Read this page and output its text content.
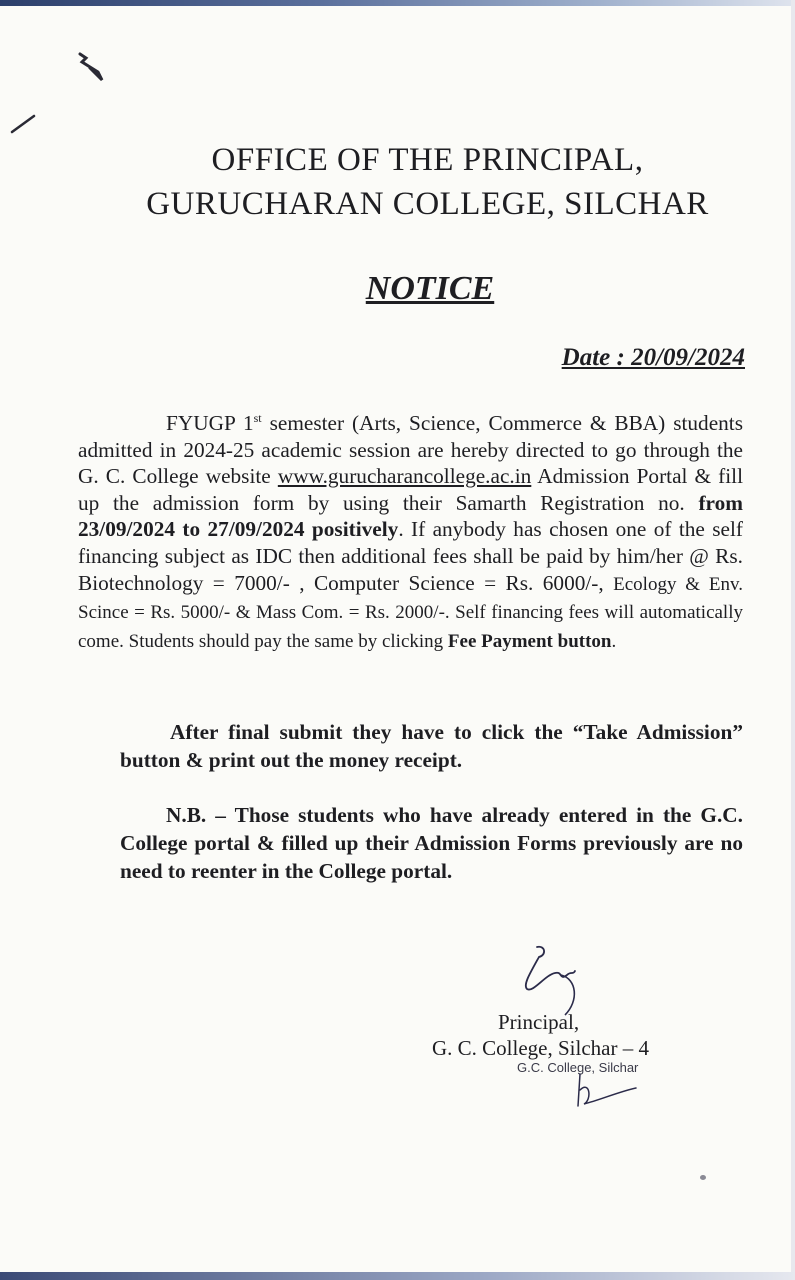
OFFICE OF THE PRINCIPAL,
GURUCHARAN COLLEGE, SILCHAR
NOTICE
Date : 20/09/2024

FYUGP 1st semester (Arts, Science, Commerce & BBA) students admitted in 2024-25 academic session are hereby directed to go through the G. C. College website www.gurucharancollege.ac.in Admission Portal & fill up the admission form by using their Samarth Registration no. from 23/09/2024 to 27/09/2024 positively. If anybody has chosen one of the self financing subject as IDC then additional fees shall be paid by him/her @ Rs. Biotechnology = 7000/- , Computer Science = Rs. 6000/-, Ecology & Env. Scince = Rs. 5000/- & Mass Com. = Rs. 2000/-. Self financing fees will automatically come. Students should pay the same by clicking Fee Payment button.

After final submit they have to click the “Take Admission” button & print out the money receipt.

N.B. – Those students who have already entered in the G.C. College portal & filled up their Admission Forms previously are no need to reenter in the College portal.

Principal,
G. C. College, Silchar – 4
G.C. College, Silchar
